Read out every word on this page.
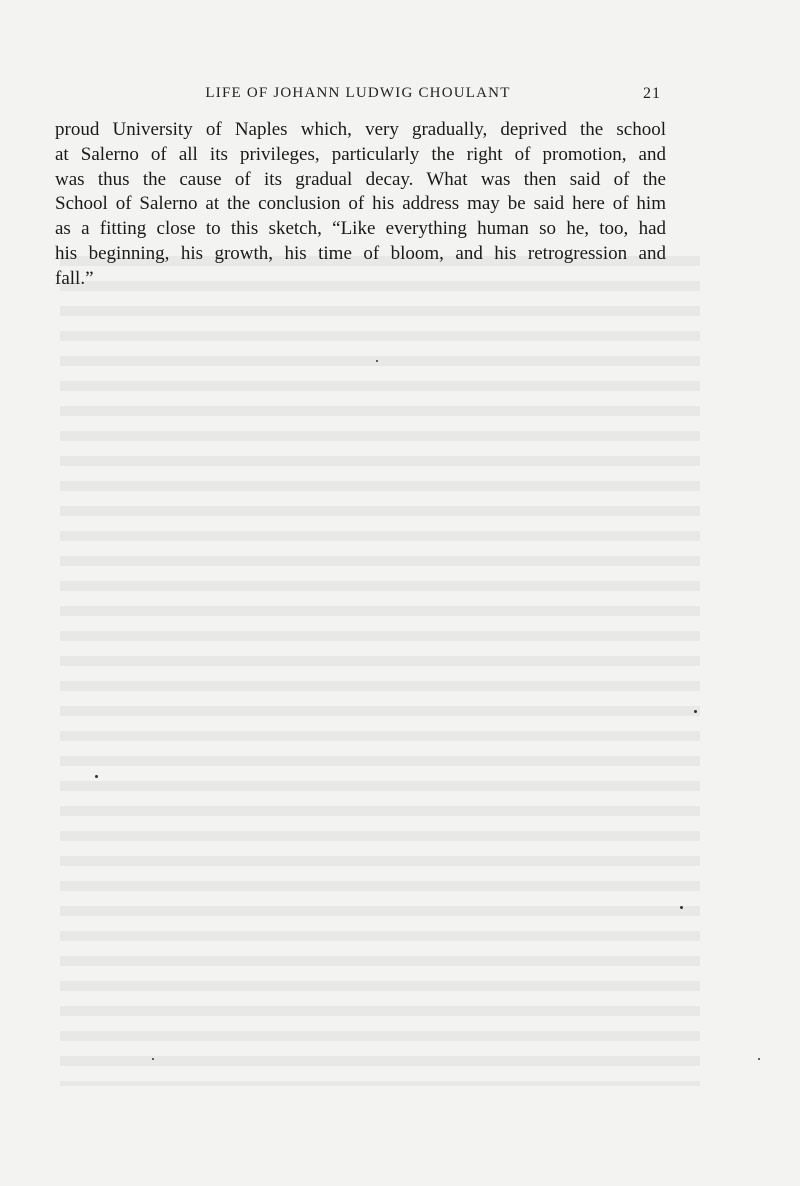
LIFE OF JOHANN LUDWIG CHOULANT	21
proud University of Naples which, very gradually, deprived the school
at Salerno of all its privileges, particularly the right of promotion, and
was thus the cause of its gradual decay. What was then said of the
School of Salerno at the conclusion of his address may be said here of him
as a fitting close to this sketch, “Like everything human so he, too, had
his beginning, his growth, his time of bloom, and his retrogression and
fall.”
